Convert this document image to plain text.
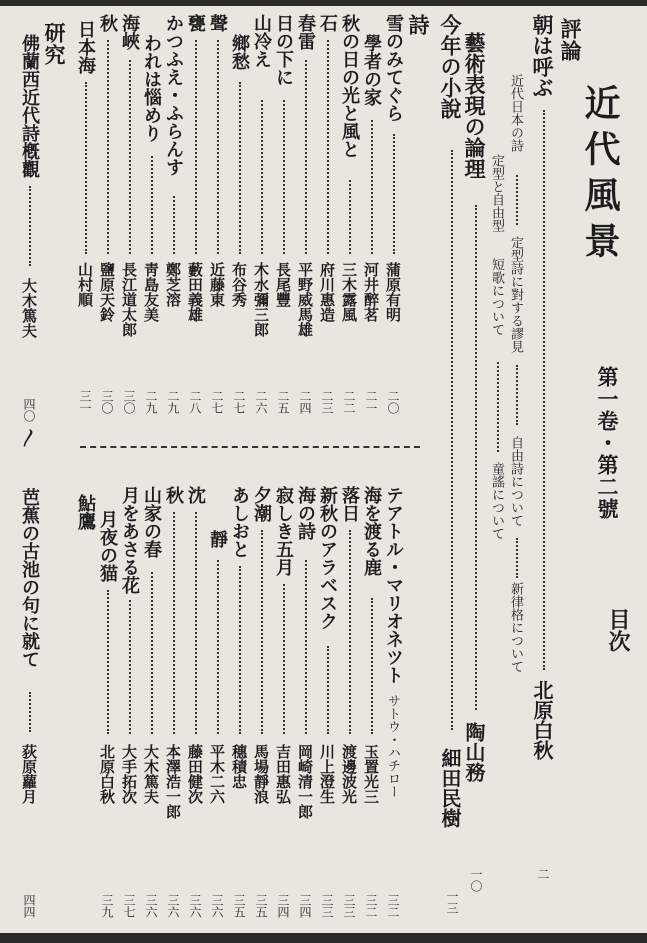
近代風景
第一卷・第二號
目次
評論
朝は呼ぶ
北原白秋
二
近代日本の詩
定型詩に對する謬見
自由詩について
新律格について
定型と自由型
短歌について
童謠について
藝術表現の論理
陶山務
一〇
今年の小說
細田民樹
一三
詩
雪のみてぐら
蒲原有明
二〇
學者の家
河井醉茗
二一
秋の日の光と風と
三木露風
二二
石
府川惠造
二三
春雷
平野威馬雄
二四
日の下に
長尾豐
二五
山冷え
木水彌三郎
二六
鄉愁
布谷秀
二七
聲
近藤東
二七
甕
藪田義雄
二八
かつふえ・ふらんす
鄭芝溶
二九
われは惱めり
靑島友美
二九
海峽
長江道太郎
三〇
秋
鹽原天鈴
三〇
日本海
山村順
三一
研究
佛蘭西近代詩槪觀
大木篤夫
四〇
〳
テアトル・マリオネツト
サトウ・ハチロー
三二
海を渡る鹿
玉置光三
三二
落日
渡邊波光
三三
新秋のアラベスク
川上澄生
三三
海の詩
岡崎清一郎
三四
寂しき五月
吉田惠弘
三四
夕潮
馬場靜浪
三五
あしおと
穗積忠
三五
靜
平木二六
三六
沈
藤田健次
三六
秋
本澤浩一郎
三六
山家の春
大木篤夫
三六
月をあさる花
大手拓次
三七
月夜の猫
北原白秋
三九
鮎鷹
芭蕉の古池の句に就て
荻原蘿月
四四
